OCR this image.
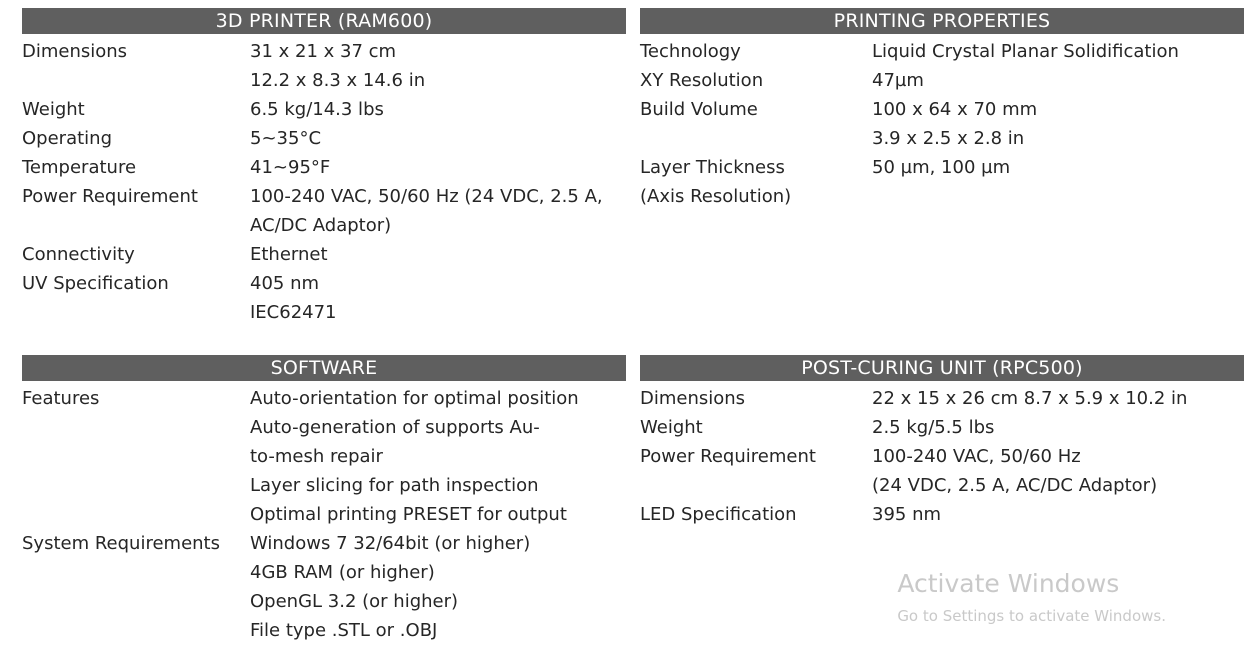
3D PRINTER (RAM600)
Dimensions	31 x 21 x 37 cm
	12.2 x 8.3 x 14.6 in
Weight	6.5 kg/14.3 lbs
Operating	5~35°C
Temperature	41~95°F
Power Requirement	100-240 VAC, 50/60 Hz (24 VDC, 2.5 A, AC/DC Adaptor)
Connectivity	Ethernet
UV Specification	405 nm
	IEC62471
PRINTING PROPERTIES
Technology	Liquid Crystal Planar Solidification
XY Resolution	47µm
Build Volume	100 x 64 x 70 mm
	3.9 x 2.5 x 2.8 in
Layer Thickness	50 µm, 100 µm
(Axis Resolution)	
SOFTWARE
Features	Auto-orientation for optimal position
	Auto-generation of supports Au-
	to-mesh repair
	Layer slicing for path inspection
	Optimal printing PRESET for output
System Requirements	Windows 7 32/64bit (or higher)
	4GB RAM (or higher)
	OpenGL 3.2 (or higher)
	File type .STL or .OBJ
POST-CURING UNIT (RPC500)
Dimensions	22 x 15 x 26 cm 8.7 x 5.9 x 10.2 in
Weight	2.5 kg/5.5 lbs
Power Requirement	100-240 VAC, 50/60 Hz
	(24 VDC, 2.5 A, AC/DC Adaptor)
LED Specification	395 nm
Activate Windows
Go to Settings to activate Windows.
